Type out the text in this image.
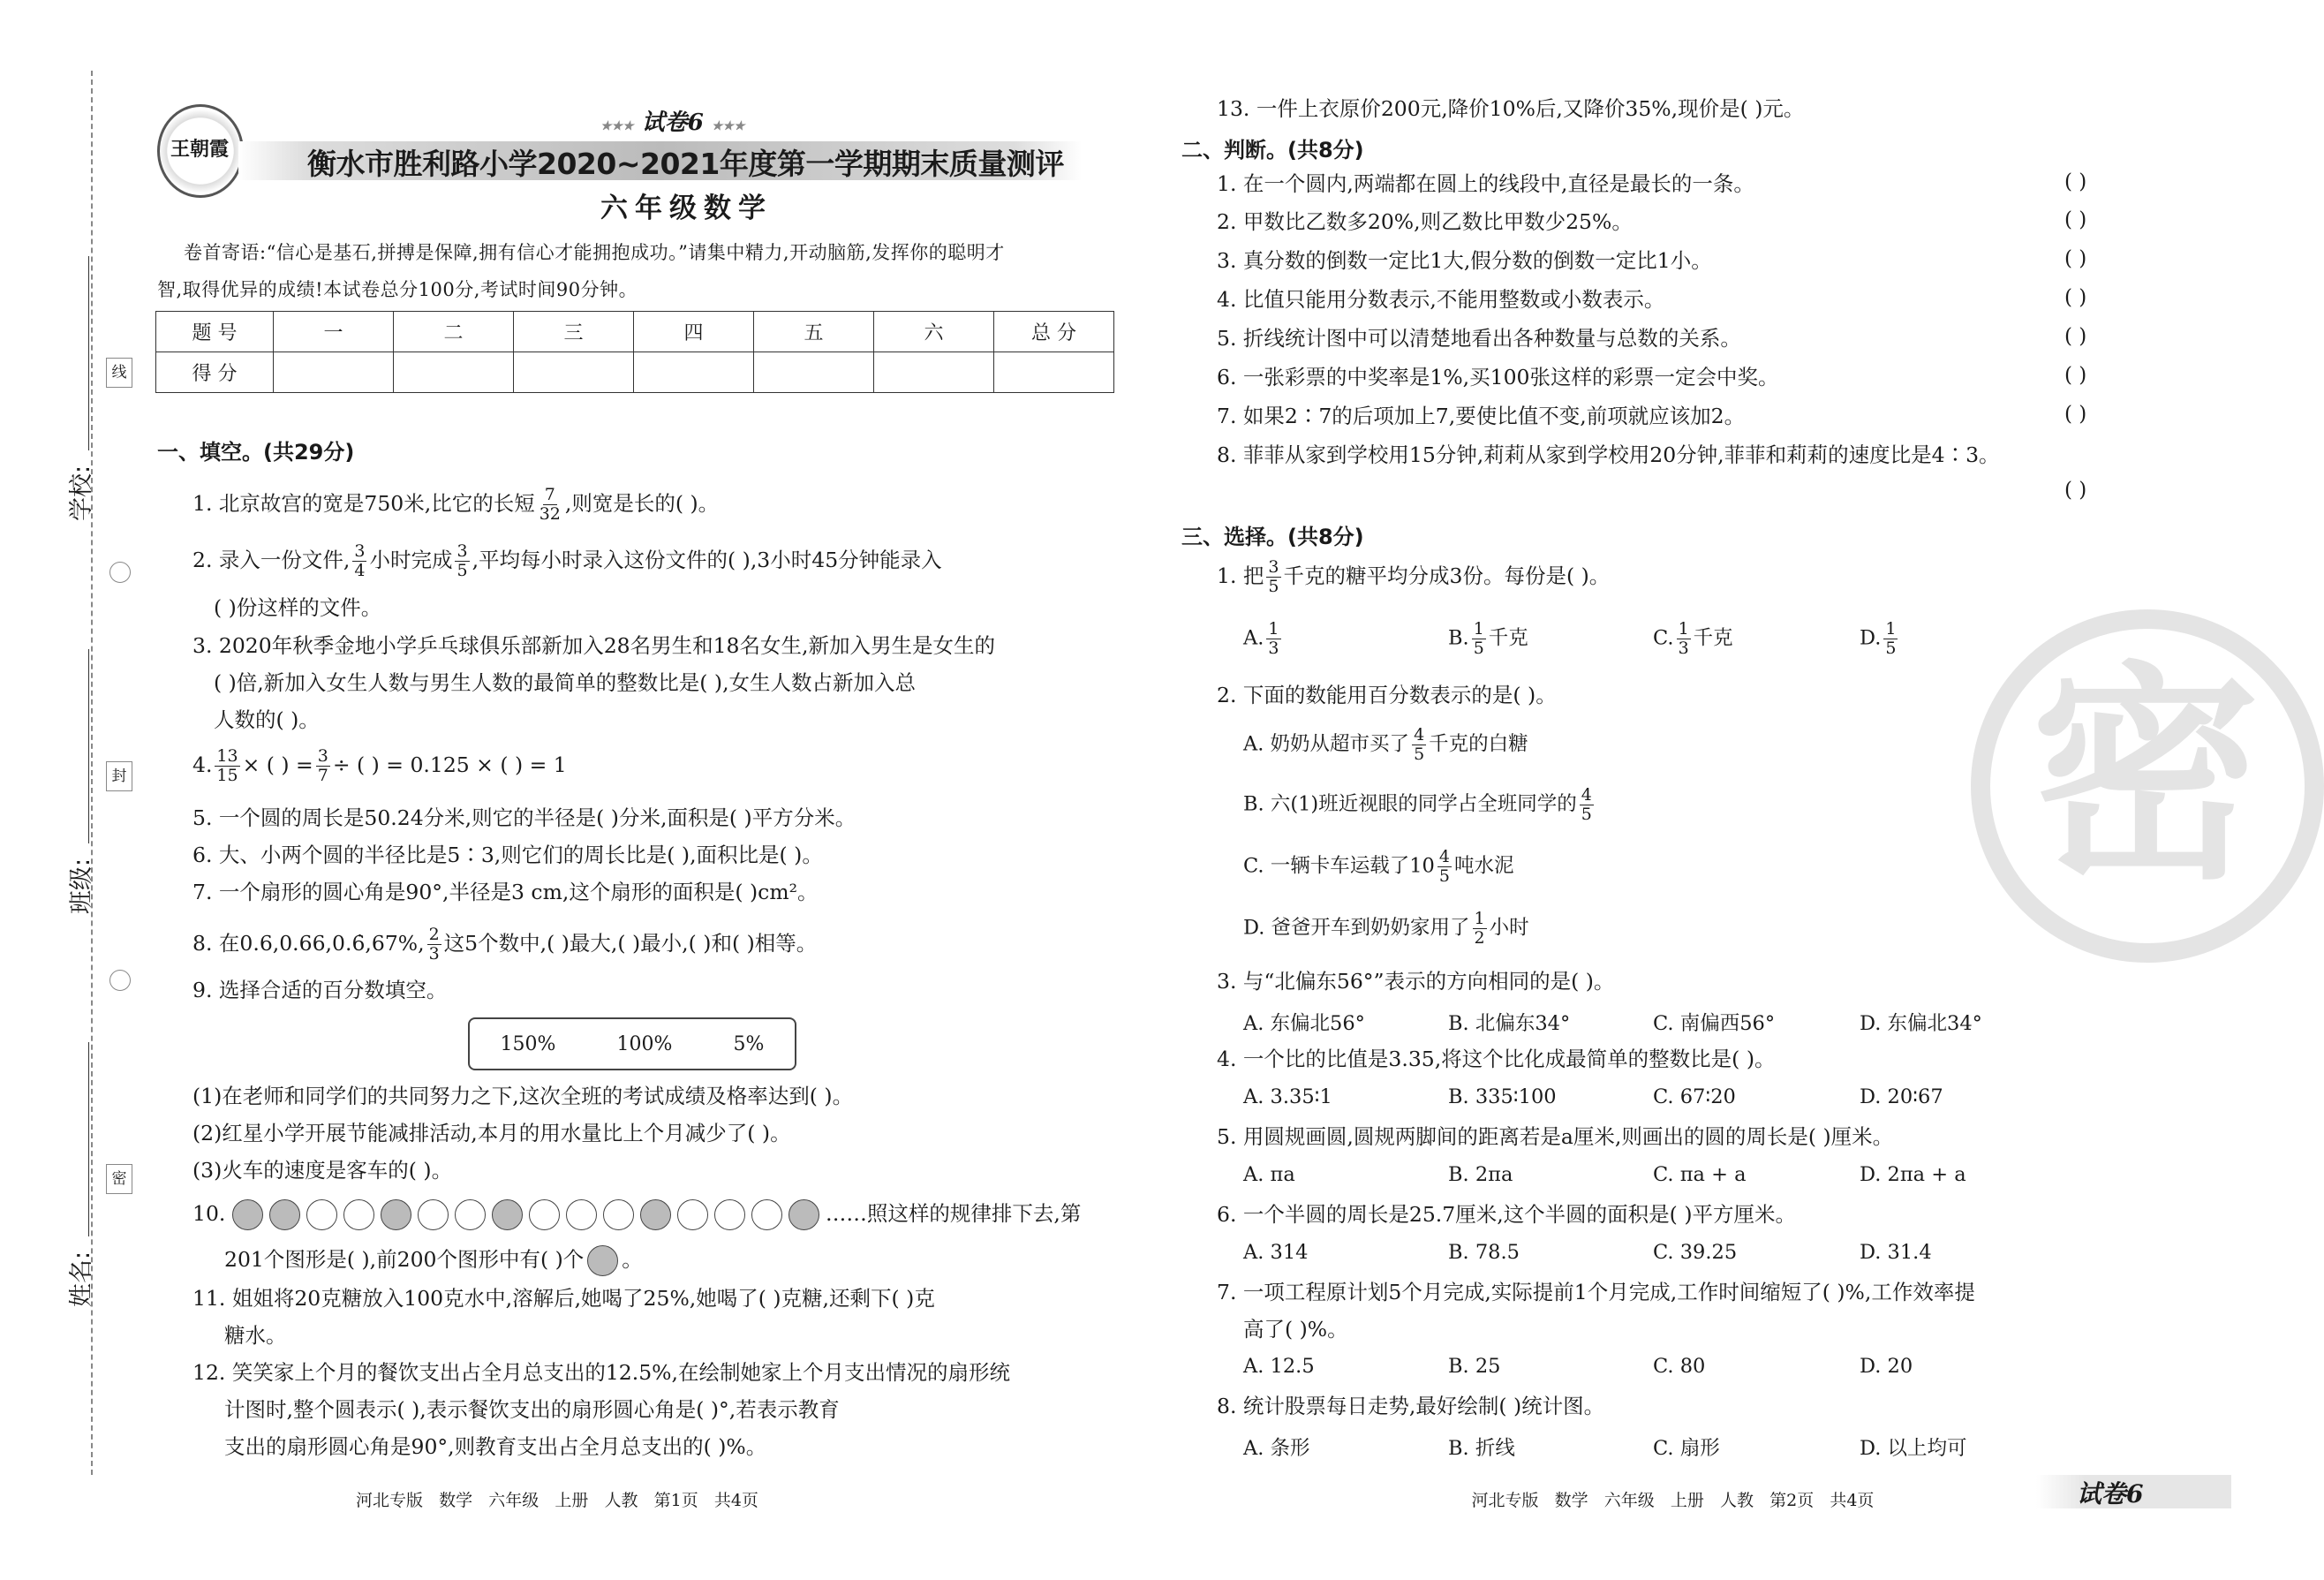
线
封
密
学校:
班级:
姓名:
王朝霞
★★★ 试卷6 ★★★
衡水市胜利路小学2020~2021年度第一学期期末质量测评
六年级数学
卷首寄语:“信心是基石,拼搏是保障,拥有信心才能拥抱成功。”请集中精力,开动脑筋,发挥你的聪明才
智,取得优异的成绩!本试卷总分100分,考试时间90分钟。
题 号	一	二	三	四	五	六	总 分
得 分							
一、填空。(共29分)
1. 北京故宫的宽是750米,比它的长短 $\frac{7}{32}$ ,则宽是长的( )。
2. 录入一份文件, $\frac{3}{4}$ 小时完成 $\frac{3}{5}$ ,平均每小时录入这份文件的( ),3小时45分钟能录入
( )份这样的文件。
3. 2020年秋季金地小学乒乓球俱乐部新加入28名男生和18名女生,新加入男生是女生的
( )倍,新加入女生人数与男生人数的最简单的整数比是( ),女生人数占新加入总
人数的( )。
4. $\frac{13}{15}$ × ( ) = $\frac{3}{7}$ ÷ ( ) = 0.125 × ( ) = 1
5. 一个圆的周长是50.24分米,则它的半径是( )分米,面积是( )平方分米。
6. 大、小两个圆的半径比是5∶3,则它们的周长比是( ),面积比是( )。
7. 一个扇形的圆心角是90°,半径是3 cm,这个扇形的面积是( )cm²。
8. 在0.6,0.66,0.6̇,67%, $\frac{2}{3}$ 这5个数中,( )最大,( )最小,( )和( )相等。
9. 选择合适的百分数填空。
150%	100%	5%
(1)在老师和同学们的共同努力之下,这次全班的考试成绩及格率达到( )。
(2)红星小学开展节能减排活动,本月的用水量比上个月减少了( )。
(3)火车的速度是客车的( )。
10.	……照这样的规律排下去,第
201个图形是( ),前200个图形中有( )个 。
11. 姐姐将20克糖放入100克水中,溶解后,她喝了25%,她喝了( )克糖,还剩下( )克
糖水。
12. 笑笑家上个月的餐饮支出占全月总支出的12.5%,在绘制她家上个月支出情况的扇形统
计图时,整个圆表示( ),表示餐饮支出的扇形圆心角是( )°,若表示教育
支出的扇形圆心角是90°,则教育支出占全月总支出的( )%。
河北专版   数学   六年级   上册   人教   第1页   共4页
13. 一件上衣原价200元,降价10%后,又降价35%,现价是( )元。
二、判断。(共8分)
1. 在一个圆内,两端都在圆上的线段中,直径是最长的一条。	( )
2. 甲数比乙数多20%,则乙数比甲数少25%。	( )
3. 真分数的倒数一定比1大,假分数的倒数一定比1小。	( )
4. 比值只能用分数表示,不能用整数或小数表示。	( )
5. 折线统计图中可以清楚地看出各种数量与总数的关系。	( )
6. 一张彩票的中奖率是1%,买100张这样的彩票一定会中奖。	( )
7. 如果2∶7的后项加上7,要使比值不变,前项就应该加2。	( )
8. 菲菲从家到学校用15分钟,莉莉从家到学校用20分钟,菲菲和莉莉的速度比是4∶3。
( )
三、选择。(共8分)
1. 把 $\frac{3}{5}$ 千克的糖平均分成3份。每份是( )。
A. $\frac{1}{3}$	B. $\frac{1}{5}$ 千克	C. $\frac{1}{3}$ 千克	D. $\frac{1}{5}$
2. 下面的数能用百分数表示的是( )。
A. 奶奶从超市买了 $\frac{4}{5}$ 千克的白糖
B. 六(1)班近视眼的同学占全班同学的 $\frac{4}{5}$
C. 一辆卡车运载了$10 \frac{4}{5}$ 吨水泥
D. 爸爸开车到奶奶家用了 $\frac{1}{2}$ 小时
3. 与“北偏东56°”表示的方向相同的是( )。
A. 东偏北56°	B. 北偏东34°	C. 南偏西56°	D. 东偏北34°
4. 一个比的比值是3.35,将这个比化成最简单的整数比是( )。
A. 3.35∶1	B. 335∶100	C. 67∶20	D. 20∶67
5. 用圆规画圆,圆规两脚间的距离若是a厘米,则画出的圆的周长是( )厘米。
A. πa	B. 2πa	C. πa + a	D. 2πa + a
6. 一个半圆的周长是25.7厘米,这个半圆的面积是( )平方厘米。
A. 314	B. 78.5	C. 39.25	D. 31.4
7. 一项工程原计划5个月完成,实际提前1个月完成,工作时间缩短了( )%,工作效率提
高了( )%。
A. 12.5	B. 25	C. 80	D. 20
8. 统计股票每日走势,最好绘制( )统计图。
A. 条形	B. 折线	C. 扇形	D. 以上均可
密
河北专版   数学   六年级   上册   人教   第2页   共4页	试卷6
